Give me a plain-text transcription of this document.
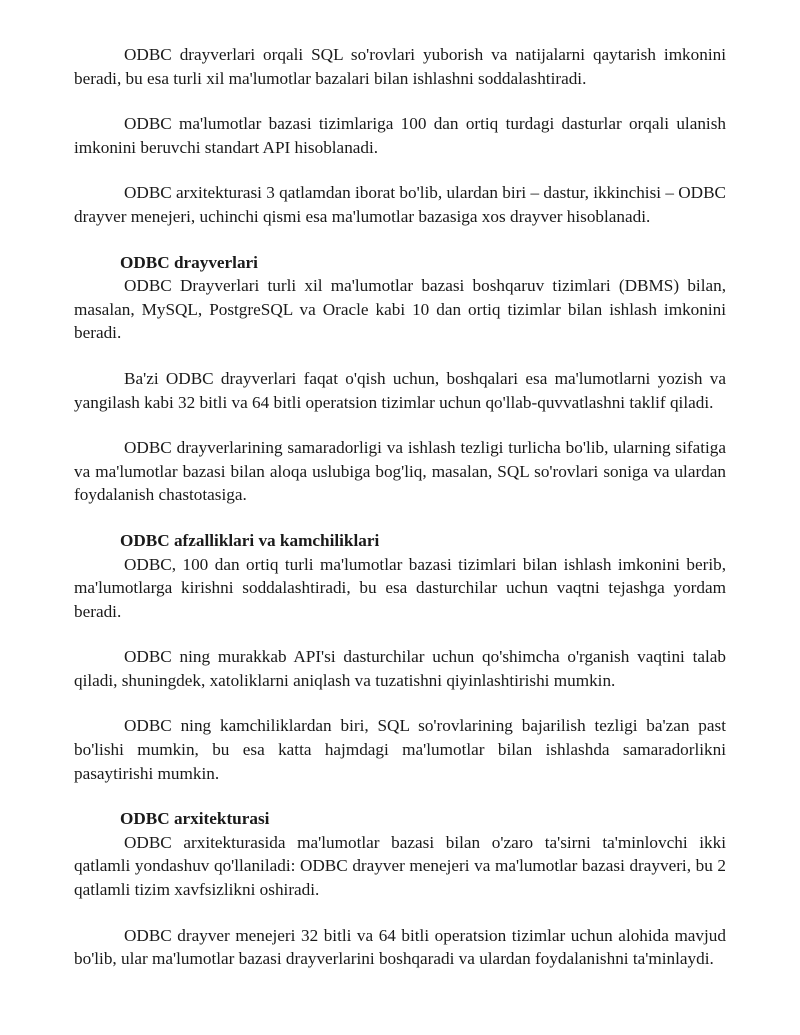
ODBC drayverlari orqali SQL so'rovlari yuborish va natijalarni qaytarish imkonini beradi, bu esa turli xil ma'lumotlar bazalari bilan ishlashni soddalashtiradi.

ODBC ma'lumotlar bazasi tizimlariga 100 dan ortiq turdagi dasturlar orqali ulanish imkonini beruvchi standart API hisoblanadi.

ODBC arxitekturasi 3 qatlamdan iborat bo'lib, ulardan biri – dastur, ikkinchisi – ODBC drayver menejeri, uchinchi qismi esa ma'lumotlar bazasiga xos drayver hisoblanadi.

ODBC drayverlari

ODBC Drayverlari turli xil ma'lumotlar bazasi boshqaruv tizimlari (DBMS) bilan, masalan, MySQL, PostgreSQL va Oracle kabi 10 dan ortiq tizimlar bilan ishlash imkonini beradi.

Ba'zi ODBC drayverlari faqat o'qish uchun, boshqalari esa ma'lumotlarni yozish va yangilash kabi 32 bitli va 64 bitli operatsion tizimlar uchun qo'llab-quvvatlashni taklif qiladi.

ODBC drayverlarining samaradorligi va ishlash tezligi turlicha bo'lib, ularning sifatiga va ma'lumotlar bazasi bilan aloqa uslubiga bog'liq, masalan, SQL so'rovlari soniga va ulardan foydalanish chastotasiga.

ODBC afzalliklari va kamchiliklari

ODBC, 100 dan ortiq turli ma'lumotlar bazasi tizimlari bilan ishlash imkonini berib, ma'lumotlarga kirishni soddalashtiradi, bu esa dasturchilar uchun vaqtni tejashga yordam beradi.

ODBC ning murakkab API'si dasturchilar uchun qo'shimcha o'rganish vaqtini talab qiladi, shuningdek, xatoliklarni aniqlash va tuzatishni qiyinlashtirishi mumkin.

ODBC ning kamchiliklardan biri, SQL so'rovlarining bajarilish tezligi ba'zan past bo'lishi mumkin, bu esa katta hajmdagi ma'lumotlar bilan ishlashda samaradorlikni pasaytirishi mumkin.

ODBC arxitekturasi

ODBC arxitekturasida ma'lumotlar bazasi bilan o'zaro ta'sirni ta'minlovchi ikki qatlamli yondashuv qo'llaniladi: ODBC drayver menejeri va ma'lumotlar bazasi drayveri, bu 2 qatlamli tizim xavfsizlikni oshiradi.

ODBC drayver menejeri 32 bitli va 64 bitli operatsion tizimlar uchun alohida mavjud bo'lib, ular ma'lumotlar bazasi drayverlarini boshqaradi va ulardan foydalanishni ta'minlaydi.
